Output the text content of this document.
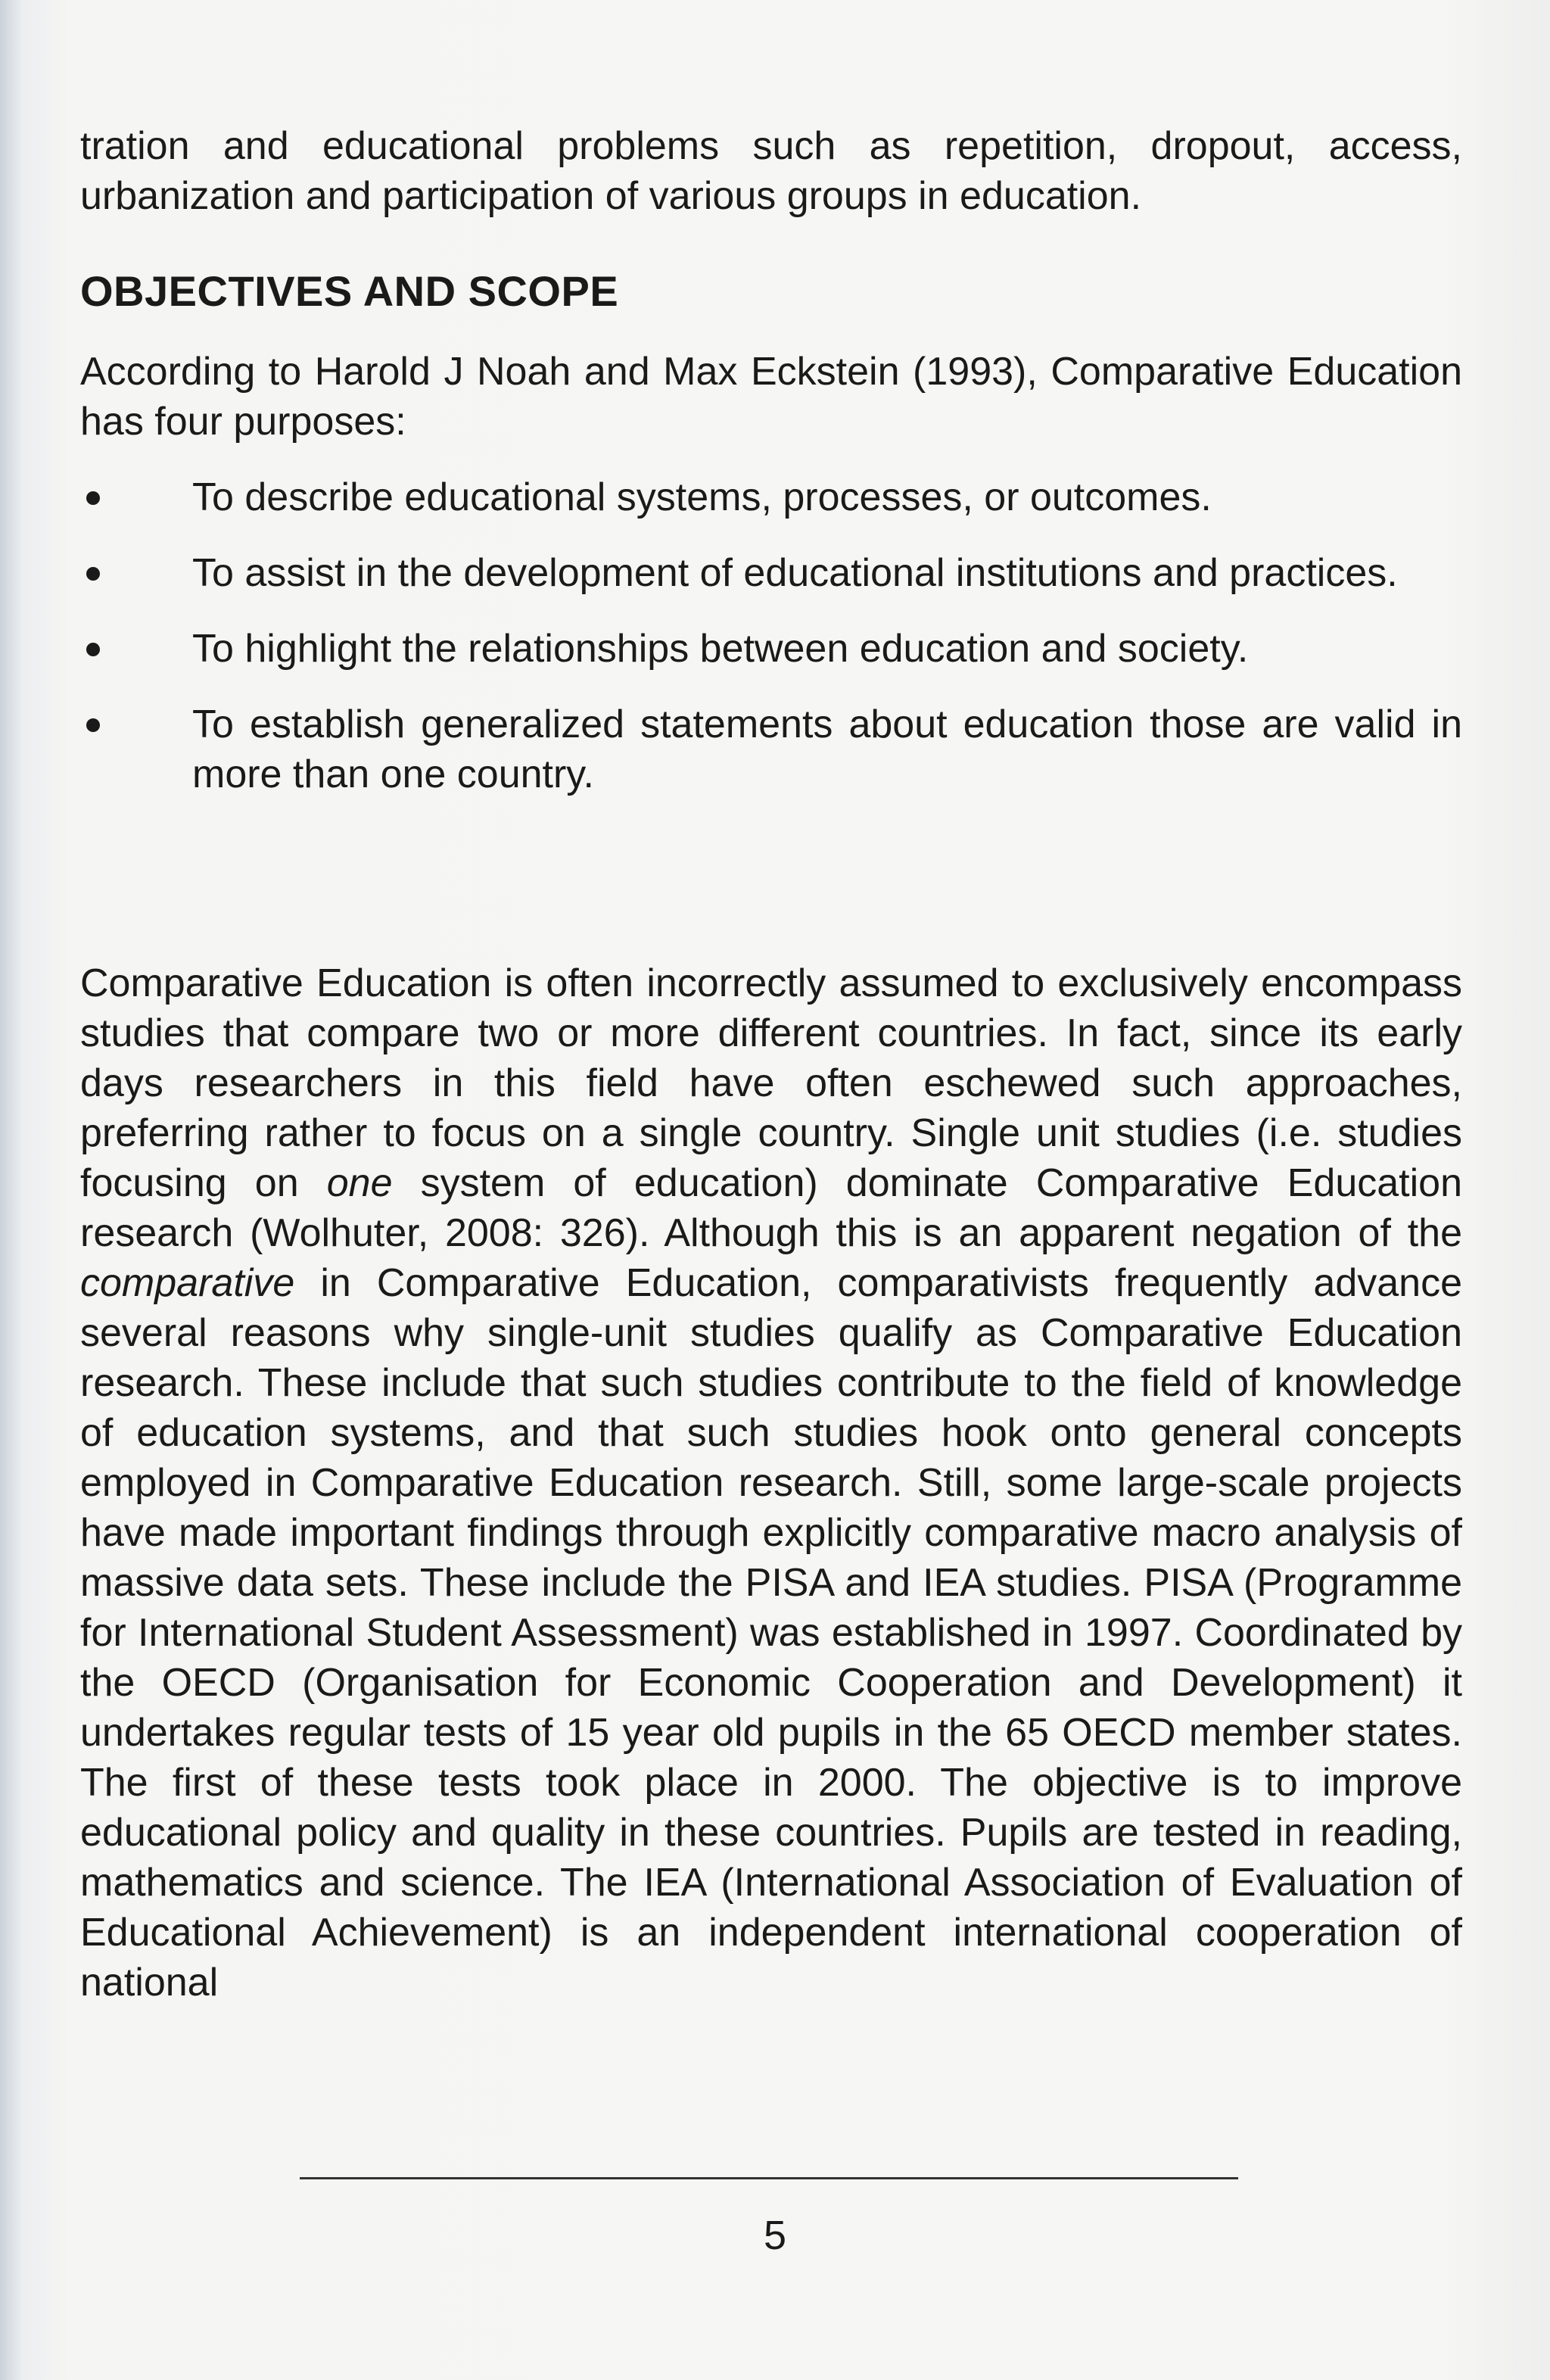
tration and educational problems such as repetition, dropout, access, urbanization and participation of various groups in education.

OBJECTIVES AND SCOPE

According to Harold J Noah and Max Eckstein (1993), Comparative Education has four purposes:

To describe educational systems, processes, or outcomes.
To assist in the development of educational institutions and practices.
To highlight the relationships between education and society.
To establish generalized statements about education those are valid in more than one country.

Comparative Education is often incorrectly assumed to exclusively encompass studies that compare two or more different countries. In fact, since its early days researchers in this field have often eschewed such approaches, preferring rather to focus on a single country. Single unit studies (i.e. studies focusing on one system of education) dominate Comparative Education research (Wolhuter, 2008: 326). Although this is an apparent negation of the comparative in Comparative Education, comparativists frequently advance several reasons why single-unit studies qualify as Comparative Education research. These include that such studies contribute to the field of knowledge of education systems, and that such studies hook onto general concepts employed in Comparative Education research. Still, some large-scale projects have made important findings through explicitly comparative macro analysis of massive data sets. These include the PISA and IEA studies. PISA (Programme for International Student Assessment) was established in 1997. Coordinated by the OECD (Organisation for Economic Cooperation and Development) it undertakes regular tests of 15 year old pupils in the 65 OECD member states. The first of these tests took place in 2000. The objective is to improve educational policy and quality in these countries. Pupils are tested in reading, mathematics and science. The IEA (International Association of Evaluation of Educational Achievement) is an independent international cooperation of national

5
